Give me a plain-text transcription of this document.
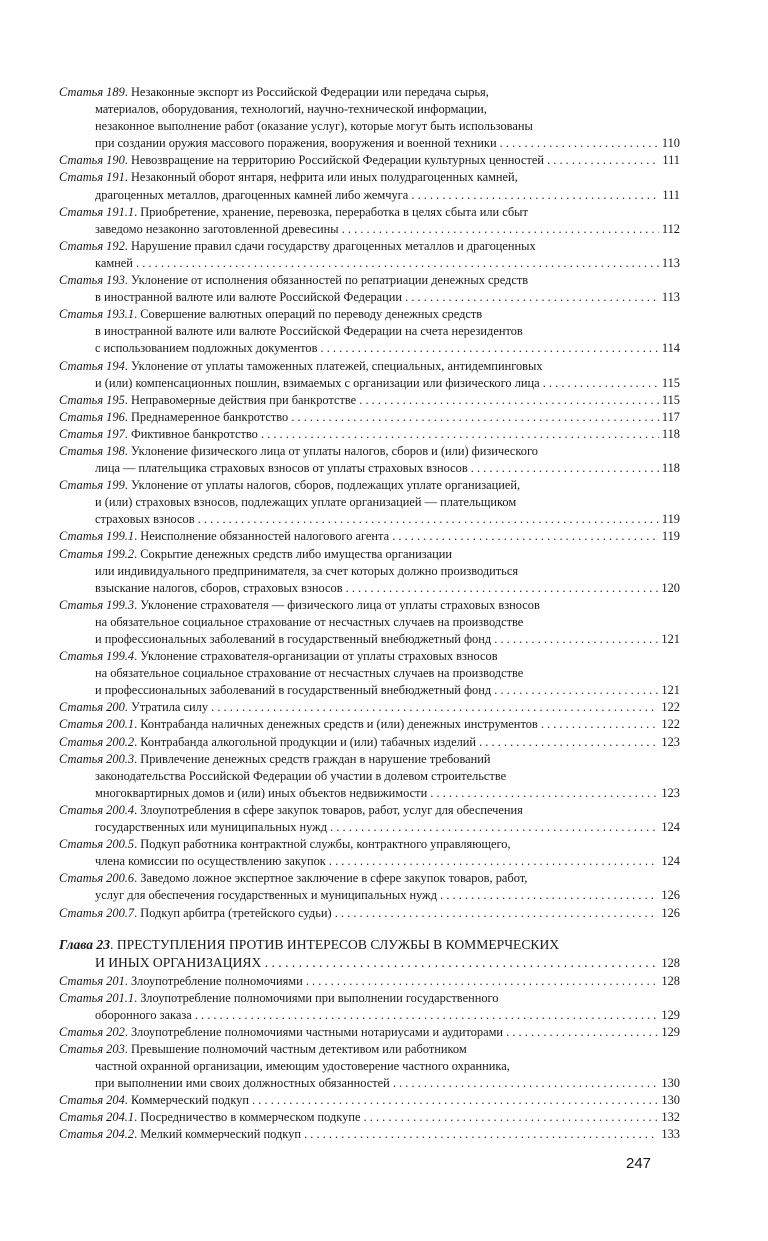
Статья 189. Незаконные экспорт из Российской Федерации или передача сырья,
материалов, оборудования, технологий, научно-технической информации,
незаконное выполнение работ (оказание услуг), которые могут быть использованы
при создании оружия массового поражения, вооружения и военной техники . . .	110
Статья 190. Невозвращение на территорию Российской Федерации культурных ценностей . . .	111
Статья 191. Незаконный оборот янтаря, нефрита или иных полудрагоценных камней,
драгоценных металлов, драгоценных камней либо жемчуга . . .	111
Статья 191.1. Приобретение, хранение, перевозка, переработка в целях сбыта или сбыт
заведомо незаконно заготовленной древесины . . .	112
Статья 192. Нарушение правил сдачи государству драгоценных металлов и драгоценных
камней . . .	113
Статья 193. Уклонение от исполнения обязанностей по репатриации денежных средств
в иностранной валюте или валюте Российской Федерации . . .	113
Статья 193.1. Совершение валютных операций по переводу денежных средств
в иностранной валюте или валюте Российской Федерации на счета нерезидентов
с использованием подложных документов . . .	114
Статья 194. Уклонение от уплаты таможенных платежей, специальных, антидемпинговых
и (или) компенсационных пошлин, взимаемых с организации или физического лица . . .	115
Статья 195. Неправомерные действия при банкротстве . . .	115
Статья 196. Преднамеренное банкротство . . .	117
Статья 197. Фиктивное банкротство . . .	118
Статья 198. Уклонение физического лица от уплаты налогов, сборов и (или) физического
лица — плательщика страховых взносов от уплаты страховых взносов . . .	118
Статья 199. Уклонение от уплаты налогов, сборов, подлежащих уплате организацией,
и (или) страховых взносов, подлежащих уплате организацией — плательщиком
страховых взносов . . .	119
Статья 199.1. Неисполнение обязанностей налогового агента . . .	119
Статья 199.2. Сокрытие денежных средств либо имущества организации
или индивидуального предпринимателя, за счет которых должно производиться
взыскание налогов, сборов, страховых взносов . . .	120
Статья 199.3. Уклонение страхователя — физического лица от уплаты страховых взносов
на обязательное социальное страхование от несчастных случаев на производстве
и профессиональных заболеваний в государственный внебюджетный фонд . . .	121
Статья 199.4. Уклонение страхователя-организации от уплаты страховых взносов
на обязательное социальное страхование от несчастных случаев на производстве
и профессиональных заболеваний в государственный внебюджетный фонд . . .	121
Статья 200. Утратила силу . . .	122
Статья 200.1. Контрабанда наличных денежных средств и (или) денежных инструментов . . .	122
Статья 200.2. Контрабанда алкогольной продукции и (или) табачных изделий . . .	123
Статья 200.3. Привлечение денежных средств граждан в нарушение требований
законодательства Российской Федерации об участии в долевом строительстве
многоквартирных домов и (или) иных объектов недвижимости . . .	123
Статья 200.4. Злоупотребления в сфере закупок товаров, работ, услуг для обеспечения
государственных или муниципальных нужд . . .	124
Статья 200.5. Подкуп работника контрактной службы, контрактного управляющего,
члена комиссии по осуществлению закупок . . .	124
Статья 200.6. Заведомо ложное экспертное заключение в сфере закупок товаров, работ,
услуг для обеспечения государственных и муниципальных нужд . . .	126
Статья 200.7. Подкуп арбитра (третейского судьи) . . .	126
Глава 23. ПРЕСТУПЛЕНИЯ ПРОТИВ ИНТЕРЕСОВ СЛУЖБЫ В КОММЕРЧЕСКИХ
И ИНЫХ ОРГАНИЗАЦИЯХ . . .	128
Статья 201. Злоупотребление полномочиями . . .	128
Статья 201.1. Злоупотребление полномочиями при выполнении государственного
оборонного заказа . . .	129
Статья 202. Злоупотребление полномочиями частными нотариусами и аудиторами . . .	129
Статья 203. Превышение полномочий частным детективом или работником
частной охранной организации, имеющим удостоверение частного охранника,
при выполнении ими своих должностных обязанностей . . .	130
Статья 204. Коммерческий подкуп . . .	130
Статья 204.1. Посредничество в коммерческом подкупе . . .	132
Статья 204.2. Мелкий коммерческий подкуп . . .	133
247
